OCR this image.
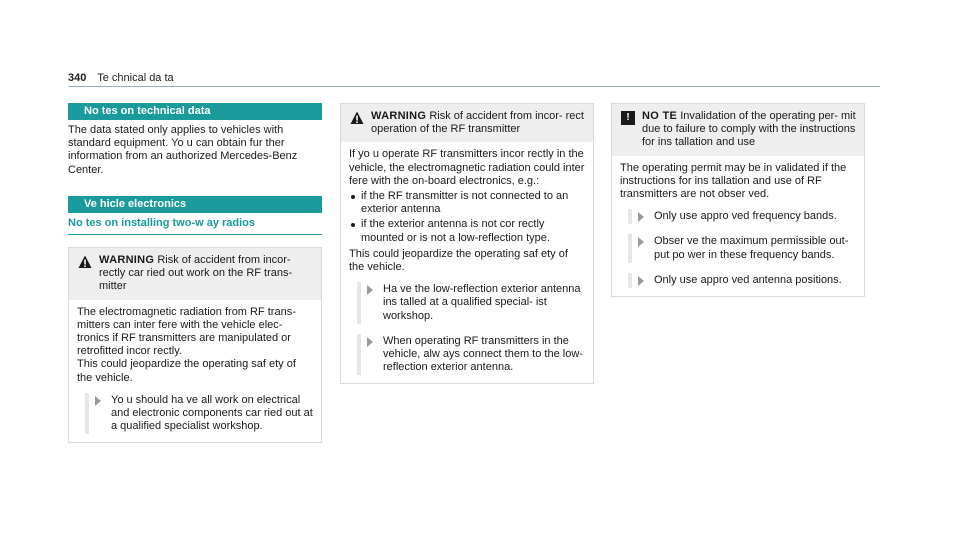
340 Te chnical da ta
No tes on technical data

The data stated only applies to vehicles with standard equipment. Yo u can obtain fur ther information from an authorized Mercedes-Benz Center.

Ve hicle electronics
No tes on installing two-w ay radios
WARNING Risk of accident from incor‐ rectly car ried out work on the RF trans‐ mitter

The electromagnetic radiation from RF trans‐ mitters can inter fere with the vehicle elec‐ tronics if RF transmitters are manipulated or retrofitted incor rectly.

This could jeopardize the operating saf ety of the vehicle.

Yo u should ha ve all work on electrical and electronic components car ried out at a qualified specialist workshop.
WARNING Risk of accident from incor‐ rect operation of the RF transmitter

If yo u operate RF transmitters incor rectly in the vehicle, the electromagnetic radiation could inter fere with the on-board electronics, e.g.:

if the RF transmitter is not connected to an exterior antenna
if the exterior antenna is not cor rectly mounted or is not a low-reflection type.

This could jeopardize the operating saf ety of the vehicle.

Ha ve the low-reflection exterior antenna ins talled at a qualified special‐ ist workshop.
When operating RF transmitters in the vehicle, alw ays connect them to the low-reflection exterior antenna.
!	NO TE Invalidation of the operating per‐ mit due to failure to comply with the instructions for ins tallation and use

The operating permit may be in validated if the instructions for ins tallation and use of RF transmitters are not obser ved.

Only use appro ved frequency bands.
Obser ve the maximum permissible out‐ put po wer in these frequency bands.
Only use appro ved antenna positions.
